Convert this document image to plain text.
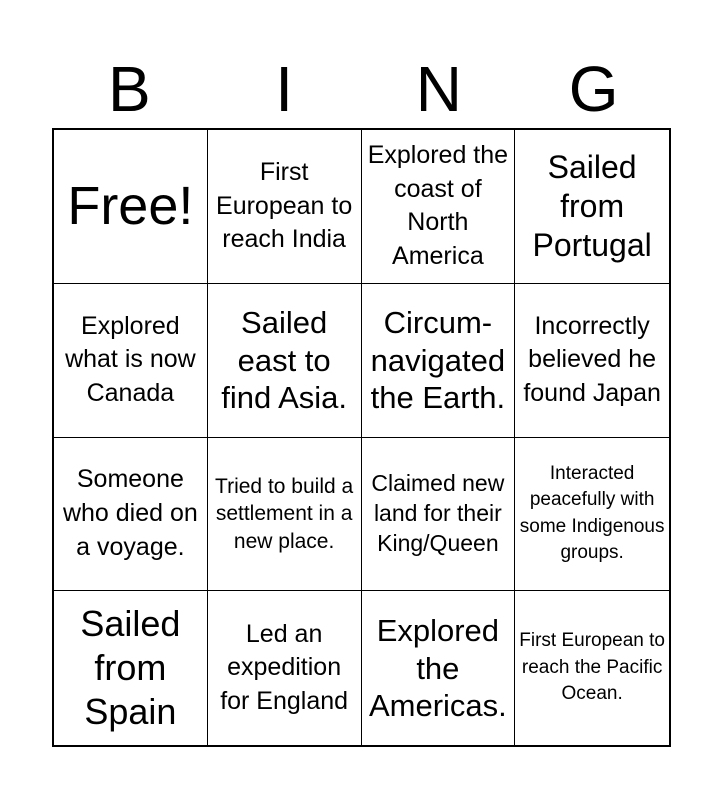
B	I	N	G
Free!
First European to reach India
Explored the coast of North America
Sailed from Portugal
Explored what is now Canada
Sailed east to find Asia.
Circum-navigated the Earth.
Incorrectly believed he found Japan
Someone who died on a voyage.
Tried to build a settlement in a new place.
Claimed new land for their King/Queen
Interacted peacefully with some Indigenous groups.
Sailed from Spain
Led an expedition for England
Explored the Americas.
First European to reach the Pacific Ocean.
